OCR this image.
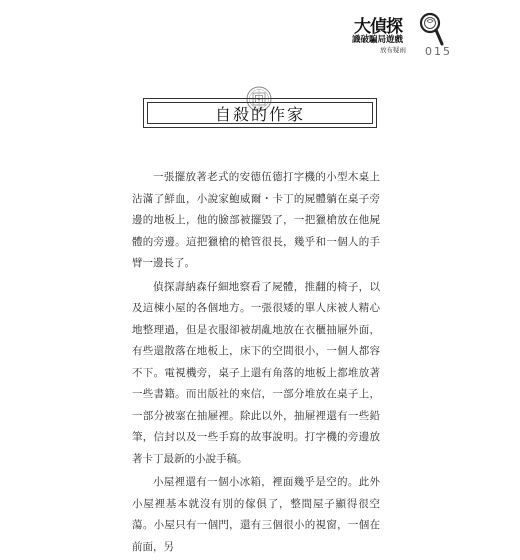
大偵探
識破騙局遊戲
放布疑雨 015
自殺的作家

一張擺放著老式的安德伍德打字機的小型木桌上沾滿了鮮血，小說家鮑威爾・卡丁的屍體躺在桌子旁邊的地板上，他的臉部被擺毀了，一把獵槍放在他屍體的旁邊。這把獵槍的槍管很長，幾乎和一個人的手臂一邊長了。

偵探壽納森仔細地察看了屍體，推翻的椅子，以及這棟小屋的各個地方。一張很矮的單人床被人精心地整理過，但是衣服卻被胡亂地放在衣櫃抽屜外面，有些還散落在地板上，床下的空間很小，一個人都容不下。電視機旁，桌子上還有角落的地板上都堆放著一些書籍。而出版社的來信，一部分堆放在桌子上，一部分被塞在抽屜裡。除此以外，抽屜裡還有一些鉛筆，信封以及一些手寫的故事說明。打字機的旁邊放著卡丁最新的小說手稿。

小屋裡還有一個小冰箱，裡面幾乎是空的。此外小屋裡基本就沒有別的傢俱了，整間屋子顯得很空蕩。小屋只有一個門，還有三個很小的視窗，一個在前面，另
